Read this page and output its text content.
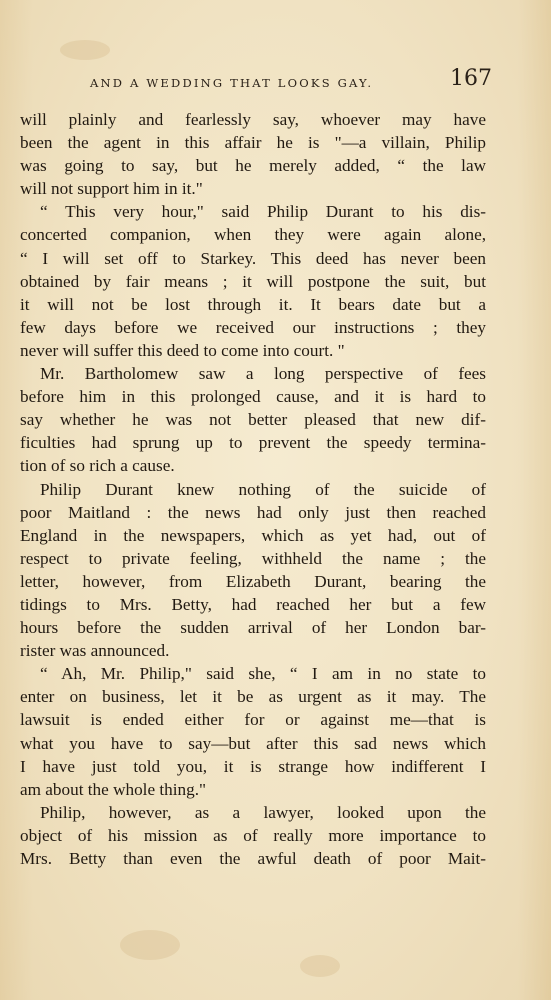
AND A WEDDING THAT LOOKS GAY.	167
will plainly and fearlessly say, whoever may have
been the agent in this affair he is "—a villain, Philip
was going to say, but he merely added, “ the law
will not support him in it."
“ This very hour," said Philip Durant to his dis-
concerted companion, when they were again alone,
“ I will set off to Starkey. This deed has never been
obtained by fair means ; it will postpone the suit, but
it will not be lost through it. It bears date but a
few days before we received our instructions ; they
never will suffer this deed to come into court. "
Mr. Bartholomew saw a long perspective of fees
before him in this prolonged cause, and it is hard to
say whether he was not better pleased that new dif-
ficulties had sprung up to prevent the speedy termina-
tion of so rich a cause.
Philip Durant knew nothing of the suicide of
poor Maitland : the news had only just then reached
England in the newspapers, which as yet had, out of
respect to private feeling, withheld the name ; the
letter, however, from Elizabeth Durant, bearing the
tidings to Mrs. Betty, had reached her but a few
hours before the sudden arrival of her London bar-
rister was announced.
“ Ah, Mr. Philip," said she, “ I am in no state to
enter on business, let it be as urgent as it may. The
lawsuit is ended either for or against me—that is
what you have to say—but after this sad news which
I have just told you, it is strange how indifferent I
am about the whole thing."
Philip, however, as a lawyer, looked upon the
object of his mission as of really more importance to
Mrs. Betty than even the awful death of poor Mait-
